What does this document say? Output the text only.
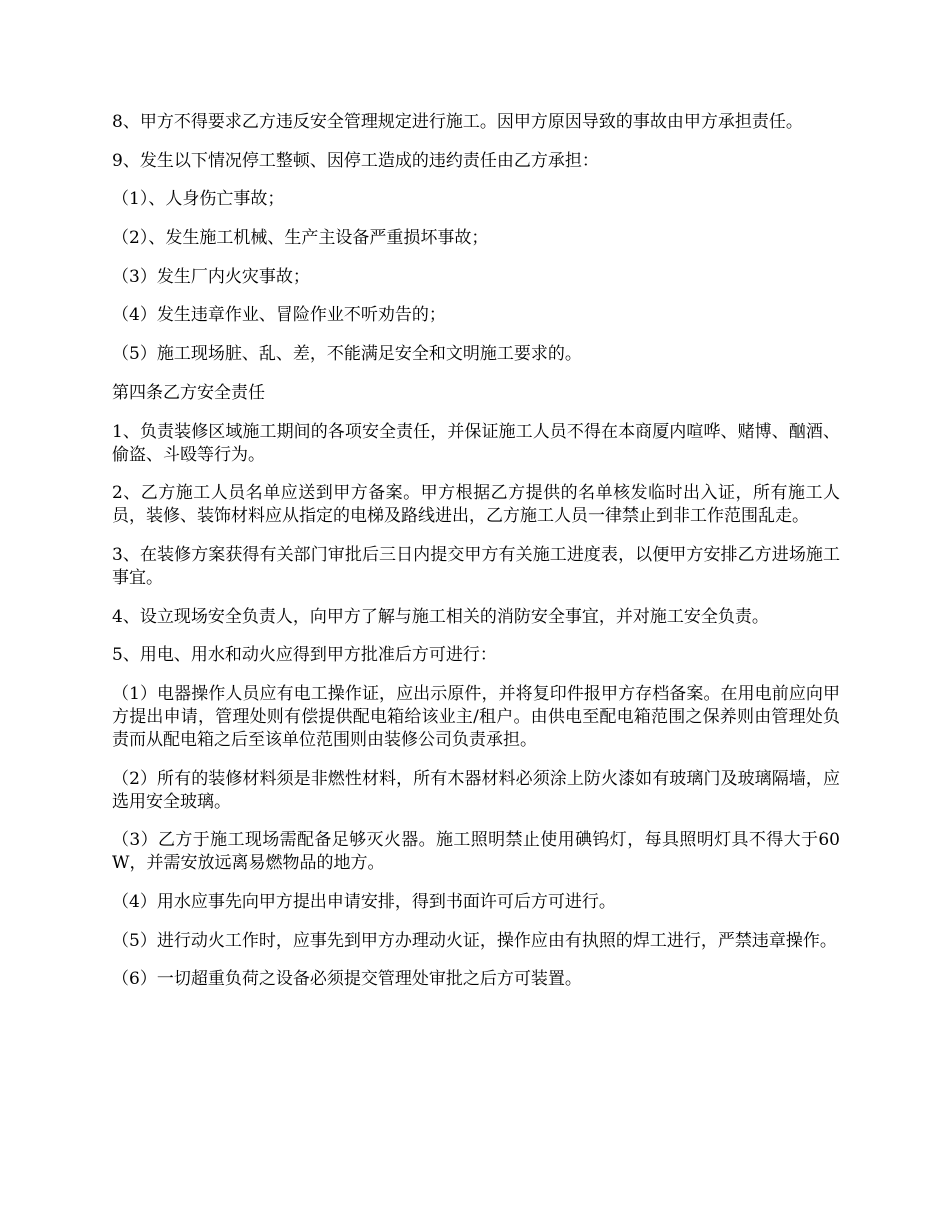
8、甲方不得要求乙方违反安全管理规定进行施工。因甲方原因导致的事故由甲方承担责任。

9、发生以下情况停工整顿、因停工造成的违约责任由乙方承担：

（1）、人身伤亡事故；

（2）、发生施工机械、生产主设备严重损坏事故；

（3）发生厂内火灾事故；

（4）发生违章作业、冒险作业不听劝告的；

（5）施工现场脏、乱、差，不能满足安全和文明施工要求的。

第四条乙方安全责任

1、负责装修区域施工期间的各项安全责任，并保证施工人员不得在本商厦内喧哗、赌博、酗酒、偷盗、斗殴等行为。

2、乙方施工人员名单应送到甲方备案。甲方根据乙方提供的名单核发临时出入证，所有施工人员，装修、装饰材料应从指定的电梯及路线进出，乙方施工人员一律禁止到非工作范围乱走。

3、在装修方案获得有关部门审批后三日内提交甲方有关施工进度表，以便甲方安排乙方进场施工事宜。

4、设立现场安全负责人，向甲方了解与施工相关的消防安全事宜，并对施工安全负责。

5、用电、用水和动火应得到甲方批准后方可进行：

（1）电器操作人员应有电工操作证，应出示原件，并将复印件报甲方存档备案。在用电前应向甲方提出申请，管理处则有偿提供配电箱给该业主/租户。由供电至配电箱范围之保养则由管理处负责而从配电箱之后至该单位范围则由装修公司负责承担。

（2）所有的装修材料须是非燃性材料，所有木器材料必须涂上防火漆如有玻璃门及玻璃隔墙，应选用安全玻璃。

（3）乙方于施工现场需配备足够灭火器。施工照明禁止使用碘钨灯，每具照明灯具不得大于60W，并需安放远离易燃物品的地方。

（4）用水应事先向甲方提出申请安排，得到书面许可后方可进行。

（5）进行动火工作时，应事先到甲方办理动火证，操作应由有执照的焊工进行，严禁违章操作。

（6）一切超重负荷之设备必须提交管理处审批之后方可装置。
